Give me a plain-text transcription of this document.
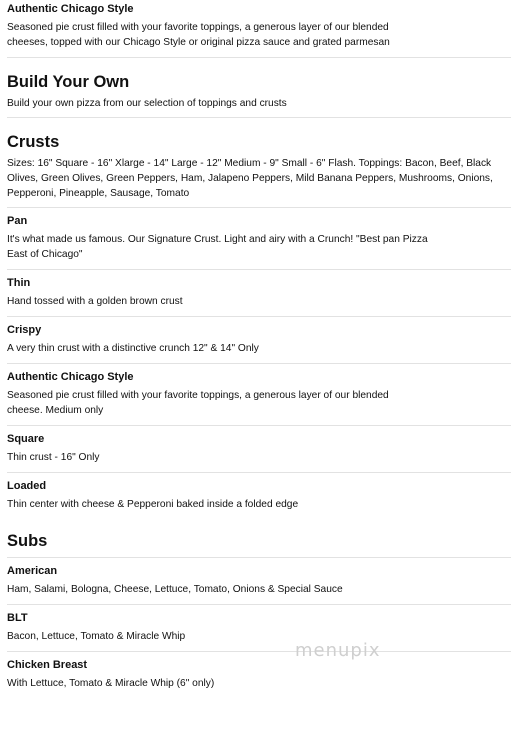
Authentic Chicago Style
Seasoned pie crust filled with your favorite toppings, a generous layer of our blended cheeses, topped with our Chicago Style or original pizza sauce and grated parmesan
Build Your Own
Build your own pizza from our selection of toppings and crusts
Crusts
Sizes: 16" Square - 16" Xlarge - 14" Large - 12" Medium - 9" Small - 6" Flash. Toppings: Bacon, Beef, Black Olives, Green Olives, Green Peppers, Ham, Jalapeno Peppers, Mild Banana Peppers, Mushrooms, Onions, Pepperoni, Pineapple, Sausage, Tomato
Pan
It's what made us famous. Our Signature Crust. Light and airy with a Crunch! "Best pan Pizza East of Chicago"
Thin
Hand tossed with a golden brown crust
Crispy
A very thin crust with a distinctive crunch 12" & 14" Only
Authentic Chicago Style
Seasoned pie crust filled with your favorite toppings, a generous layer of our blended cheese. Medium only
Square
Thin crust - 16" Only
Loaded
Thin center with cheese & Pepperoni baked inside a folded edge
Subs
American
Ham, Salami, Bologna, Cheese, Lettuce, Tomato, Onions & Special Sauce
BLT
Bacon, Lettuce, Tomato & Miracle Whip
Chicken Breast
With Lettuce, Tomato & Miracle Whip (6" only)
menupix
